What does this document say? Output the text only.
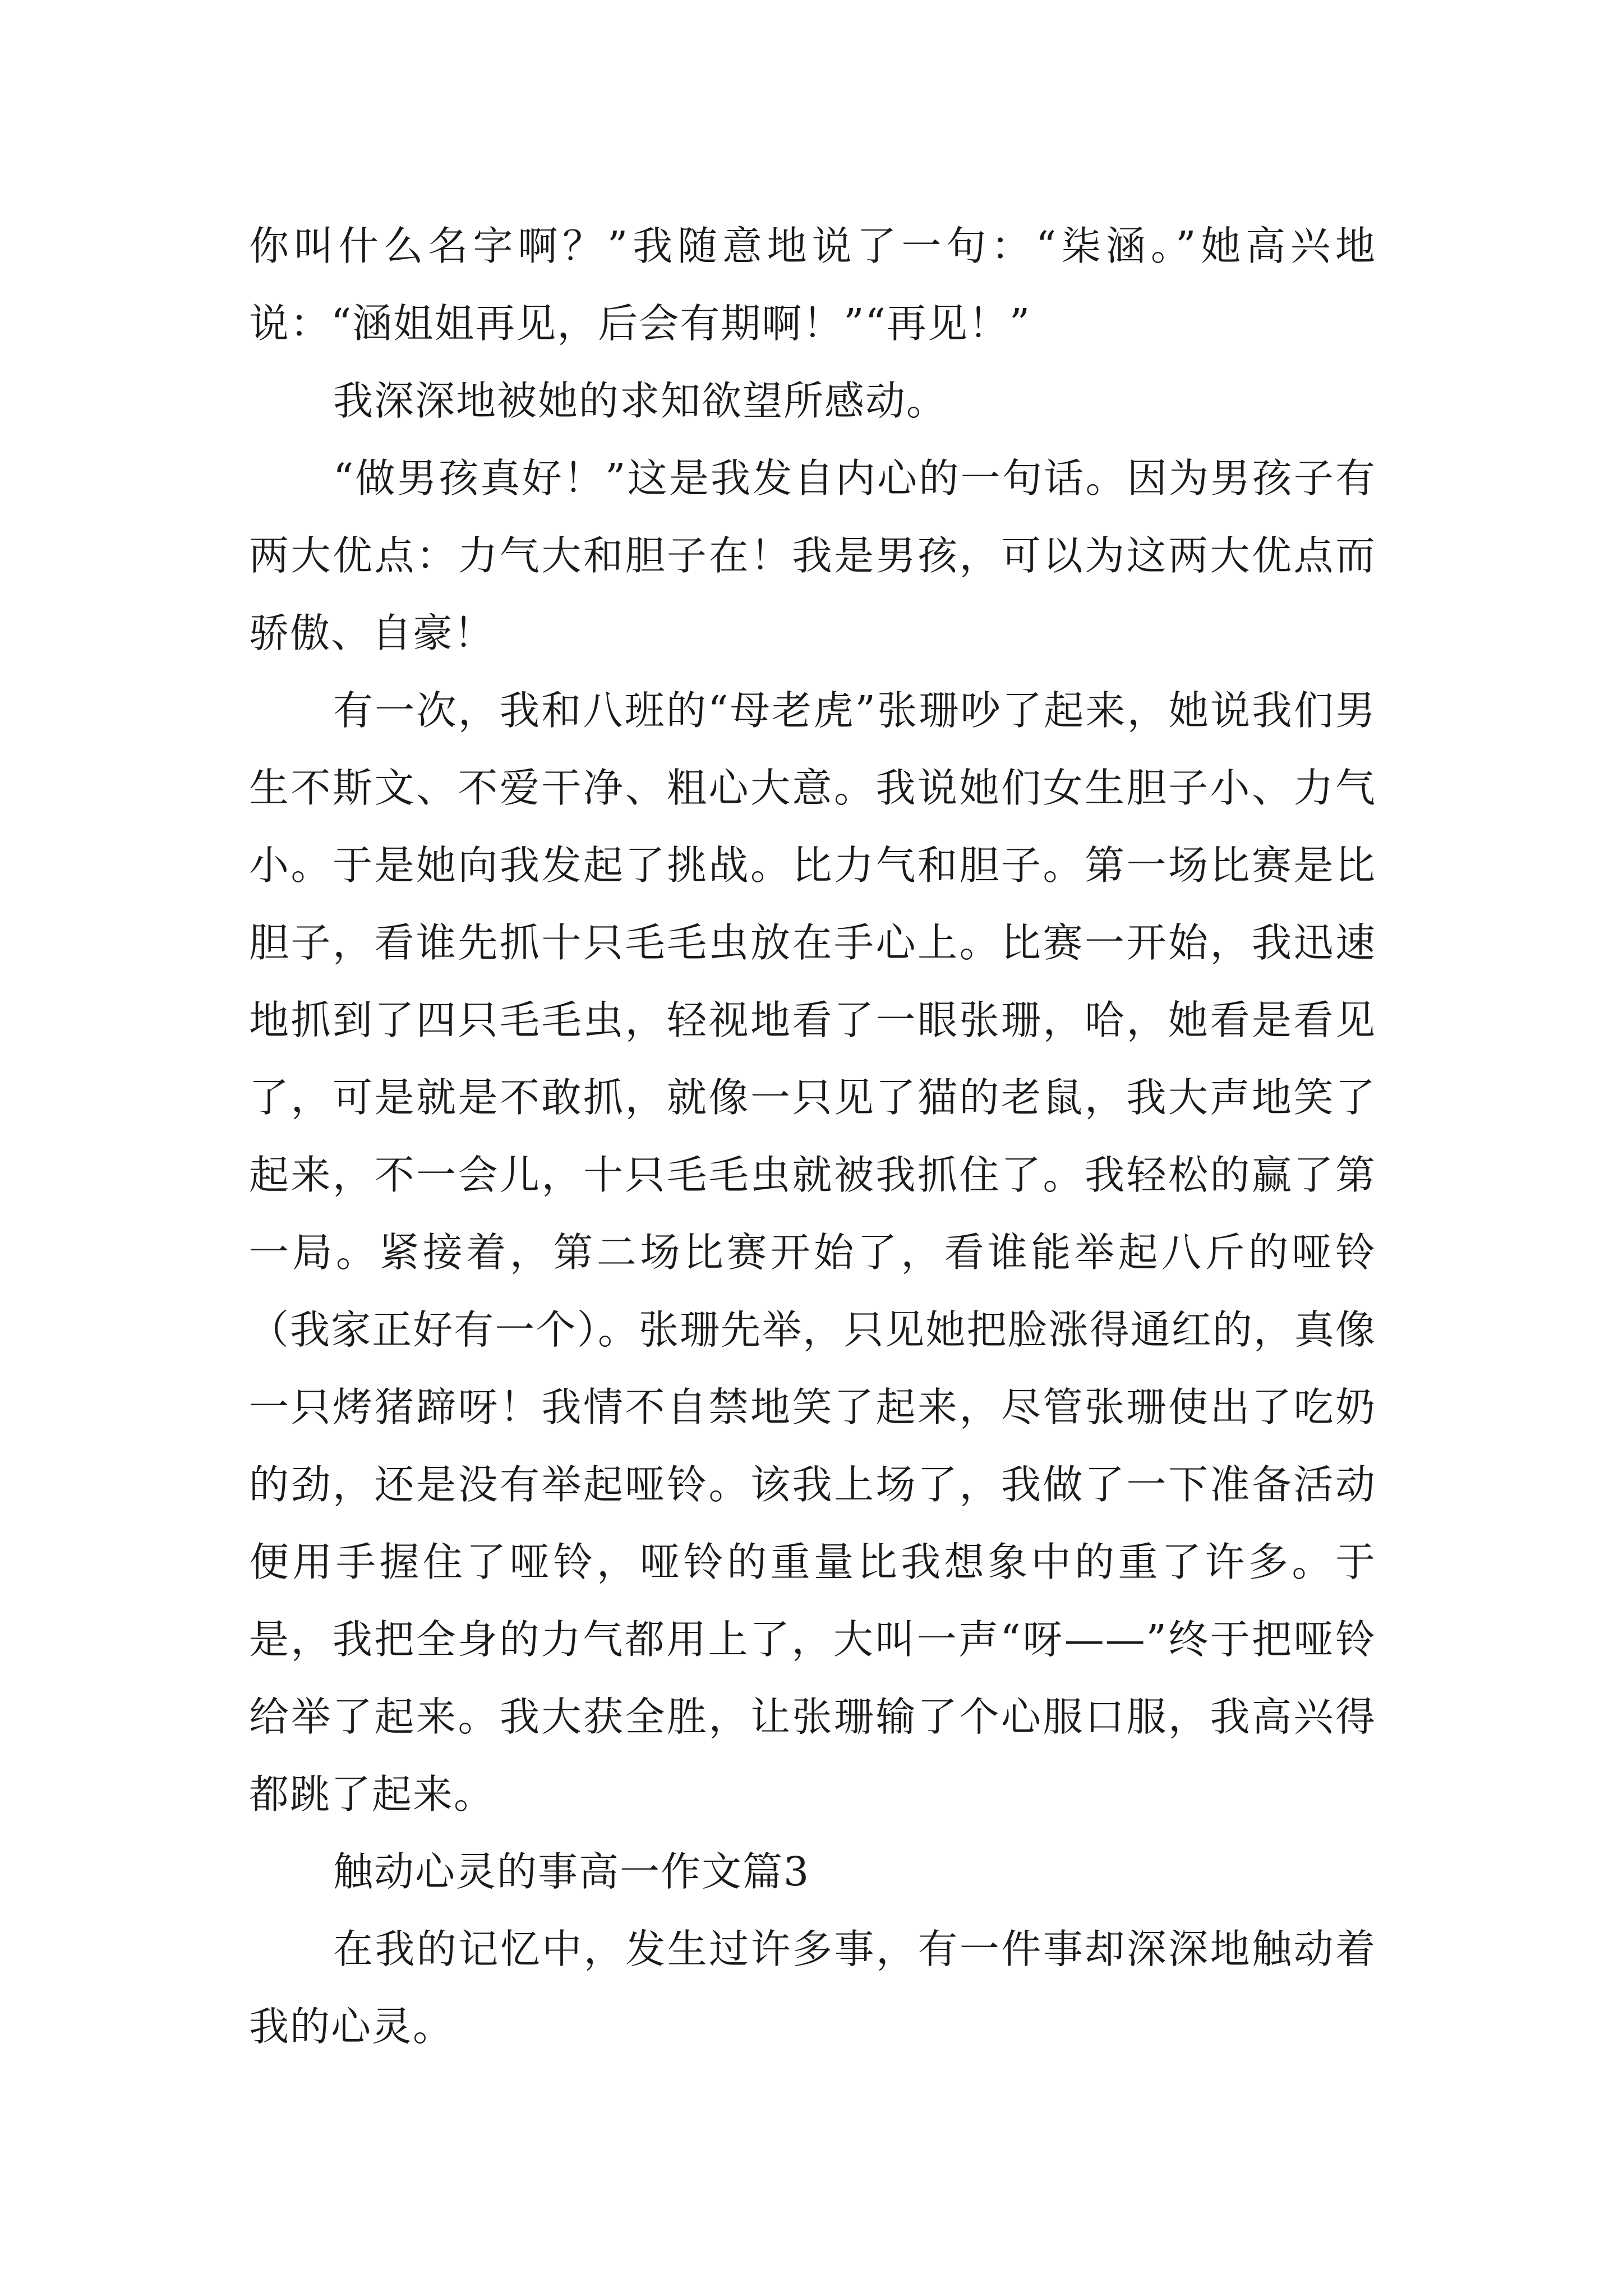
你叫什么名字啊？”我随意地说了一句：“柒涵。”她高兴地说：“涵姐姐再见，后会有期啊！”“再见！”

我深深地被她的求知欲望所感动。

“做男孩真好！”这是我发自内心的一句话。因为男孩子有两大优点：力气大和胆子在！我是男孩，可以为这两大优点而骄傲、自豪！

有一次，我和八班的“母老虎”张珊吵了起来，她说我们男生不斯文、不爱干净、粗心大意。我说她们女生胆子小、力气小。于是她向我发起了挑战。比力气和胆子。第一场比赛是比胆子，看谁先抓十只毛毛虫放在手心上。比赛一开始，我迅速地抓到了四只毛毛虫，轻视地看了一眼张珊，哈，她看是看见了，可是就是不敢抓，就像一只见了猫的老鼠，我大声地笑了起来，不一会儿，十只毛毛虫就被我抓住了。我轻松的赢了第一局。紧接着，第二场比赛开始了，看谁能举起八斤的哑铃（我家正好有一个）。张珊先举，只见她把脸涨得通红的，真像一只烤猪蹄呀！我情不自禁地笑了起来，尽管张珊使出了吃奶的劲，还是没有举起哑铃。该我上场了，我做了一下准备活动便用手握住了哑铃，哑铃的重量比我想象中的重了许多。于是，我把全身的力气都用上了，大叫一声“呀——”终于把哑铃给举了起来。我大获全胜，让张珊输了个心服口服，我高兴得都跳了起来。

触动心灵的事高一作文篇3

在我的记忆中，发生过许多事，有一件事却深深地触动着我的心灵。
